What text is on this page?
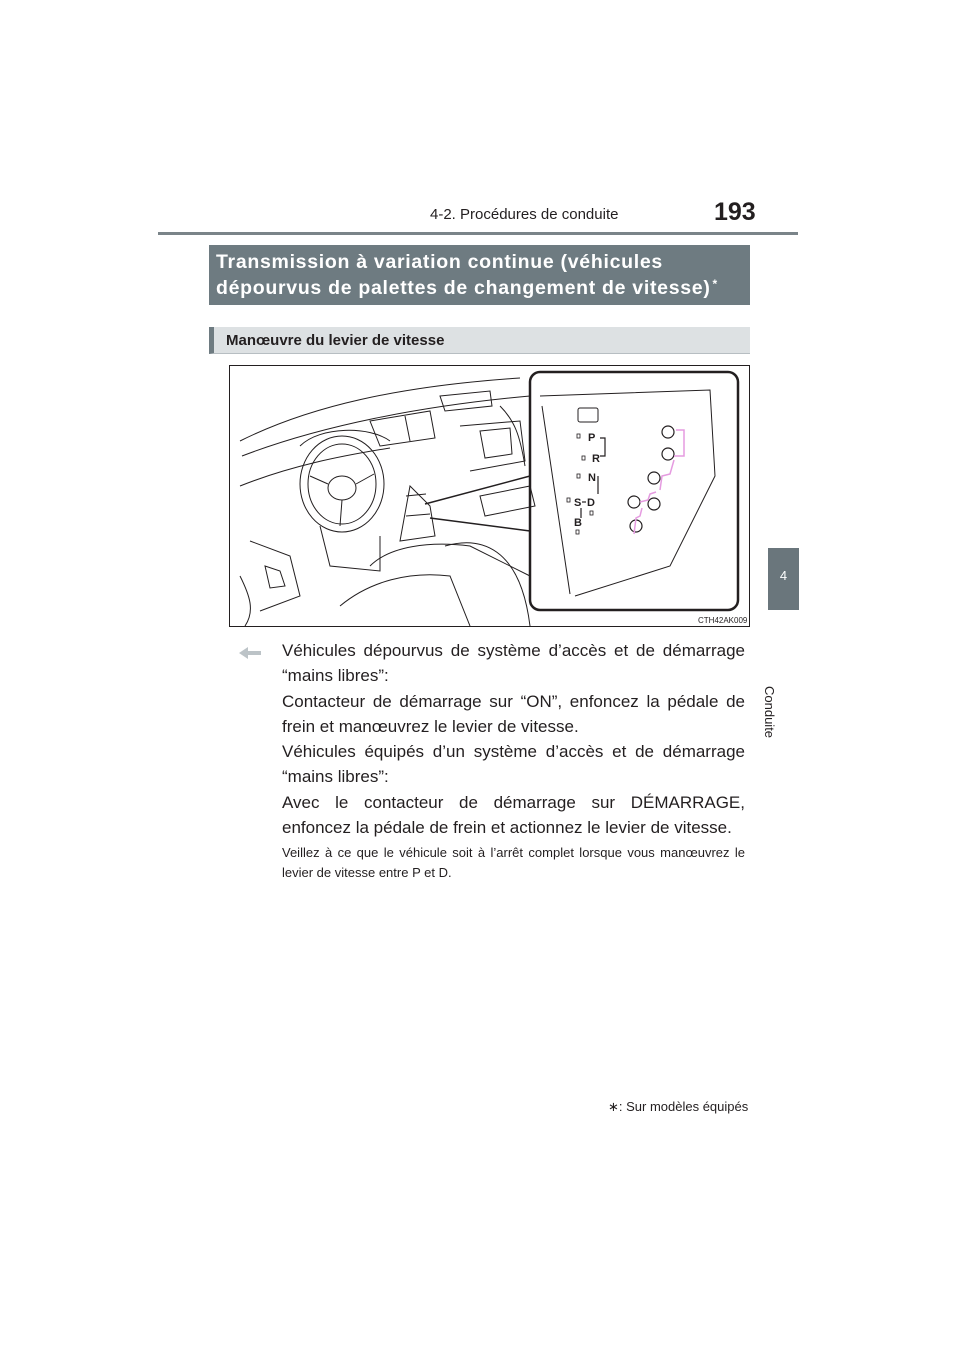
4-2. Procédures de conduite	193
4
Conduite
Transmission à variation continue (véhicules
dépourvus de palettes de changement de vitesse) *
Manœuvre du levier de vitesse
P
R
N
S D
B
CTH42AK009
Véhicules dépourvus de système d’accès et de démarrage “mains libres”:
Contacteur de démarrage sur “ON”, enfoncez la pédale de frein et manœuvrez le levier de vitesse.
Véhicules équipés d’un système d’accès et de démarrage “mains libres”:
Avec le contacteur de démarrage sur DÉMARRAGE, enfoncez la pédale de frein et actionnez le levier de vitesse.
Veillez à ce que le véhicule soit à l’arrêt complet lorsque vous manœuvrez le levier de vitesse entre P et D.
∗: Sur modèles équipés
